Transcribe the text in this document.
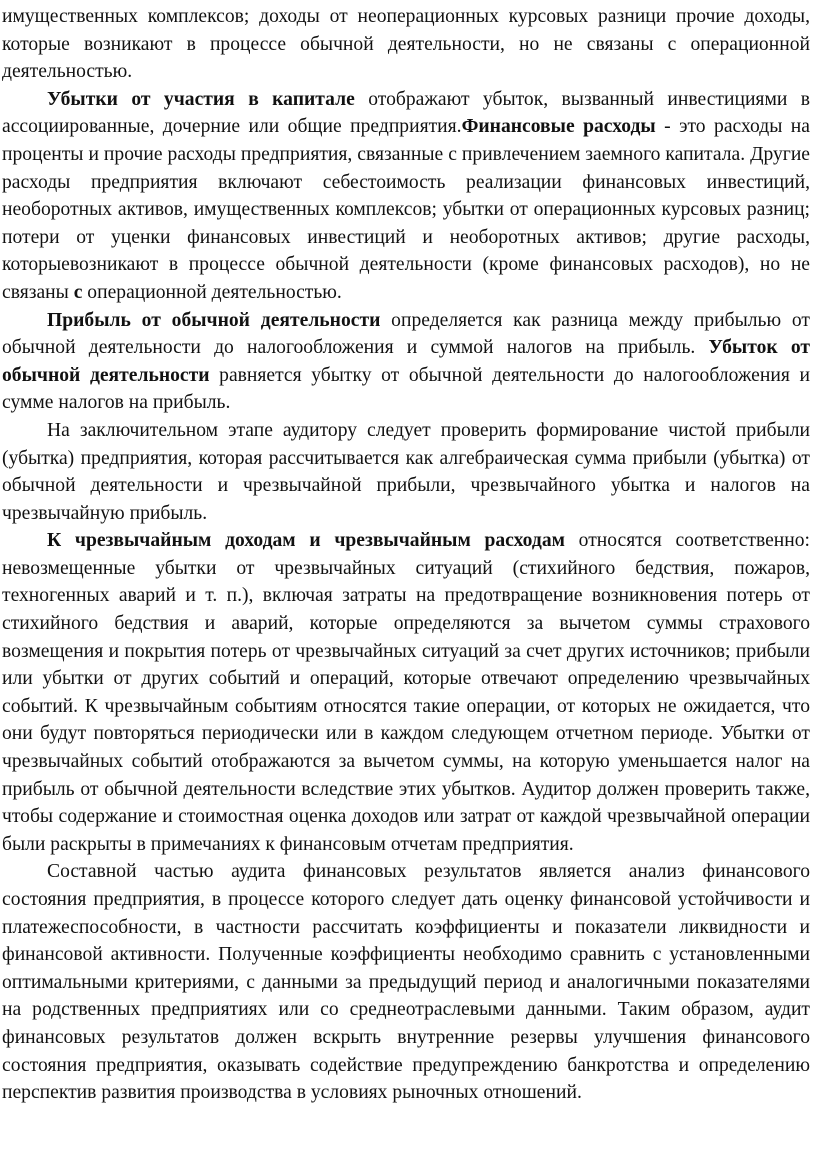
имущественных комплексов; доходы от неоперационных курсовых разници прочие доходы, которые возникают в процессе обычной деятельности, но не связаны с операционной деятельностью.

Убытки от участия в капитале отображают убыток, вызванный инвестициями в ассоциированные, дочерние или общие предприятия.Финансовые расходы - это расходы на проценты и прочие расходы предприятия, связанные с привлечением заемного капитала. Другие расходы предприятия включают себестоимость реализации финансовых инвестиций, необоротных активов, имущественных комплексов; убытки от операционных курсовых разниц; потери от уценки финансовых инвестиций и необоротных активов; другие расходы, которыевозникают в процессе обычной деятельности (кроме финансовых расходов), но не связаны с операционной деятельностью.

Прибыль от обычной деятельности определяется как разница между прибылью от обычной деятельности до налогообложения и суммой налогов на прибыль. Убыток от обычной деятельности равняется убытку от обычной деятельности до налогообложения и сумме налогов на прибыль.

На заключительном этапе аудитору следует проверить формирование чистой прибыли (убытка) предприятия, которая рассчитывается как алгебраическая сумма прибыли (убытка) от обычной деятельности и чрезвычайной прибыли, чрезвычайного убытка и налогов на чрезвычайную прибыль.

К чрезвычайным доходам и чрезвычайным расходам относятся соответственно: невозмещенные убытки от чрезвычайных ситуаций (стихийного бедствия, пожаров, техногенных аварий и т. п.), включая затраты на предотвращение возникновения потерь от стихийного бедствия и аварий, которые определяются за вычетом суммы страхового возмещения и покрытия потерь от чрезвычайных ситуаций за счет других источников; прибыли или убытки от других событий и операций, которые отвечают определению чрезвычайных событий. К чрезвычайным событиям относятся такие операции, от которых не ожидается, что они будут повторяться периодически или в каждом следующем отчетном периоде. Убытки от чрезвычайных событий отображаются за вычетом суммы, на которую уменьшается налог на прибыль от обычной деятельности вследствие этих убытков. Аудитор должен проверить также, чтобы содержание и стоимостная оценка доходов или затрат от каждой чрезвычайной операции были раскрыты в примечаниях к финансовым отчетам предприятия.

Составной частью аудита финансовых результатов является анализ финансового состояния предприятия, в процессе которого следует дать оценку финансовой устойчивости и платежеспособности, в частности рассчитать коэффициенты и показатели ликвидности и финансовой активности. Полученные коэффициенты необходимо сравнить с установленными оптимальными критериями, с данными за предыдущий период и аналогичными показателями на родственных предприятиях или со среднеотраслевыми данными. Таким образом, аудит финансовых результатов должен вскрыть внутренние резервы улучшения финансового состояния предприятия, оказывать содействие предупреждению банкротства и определению перспектив развития производства в условиях рыночных отношений.
